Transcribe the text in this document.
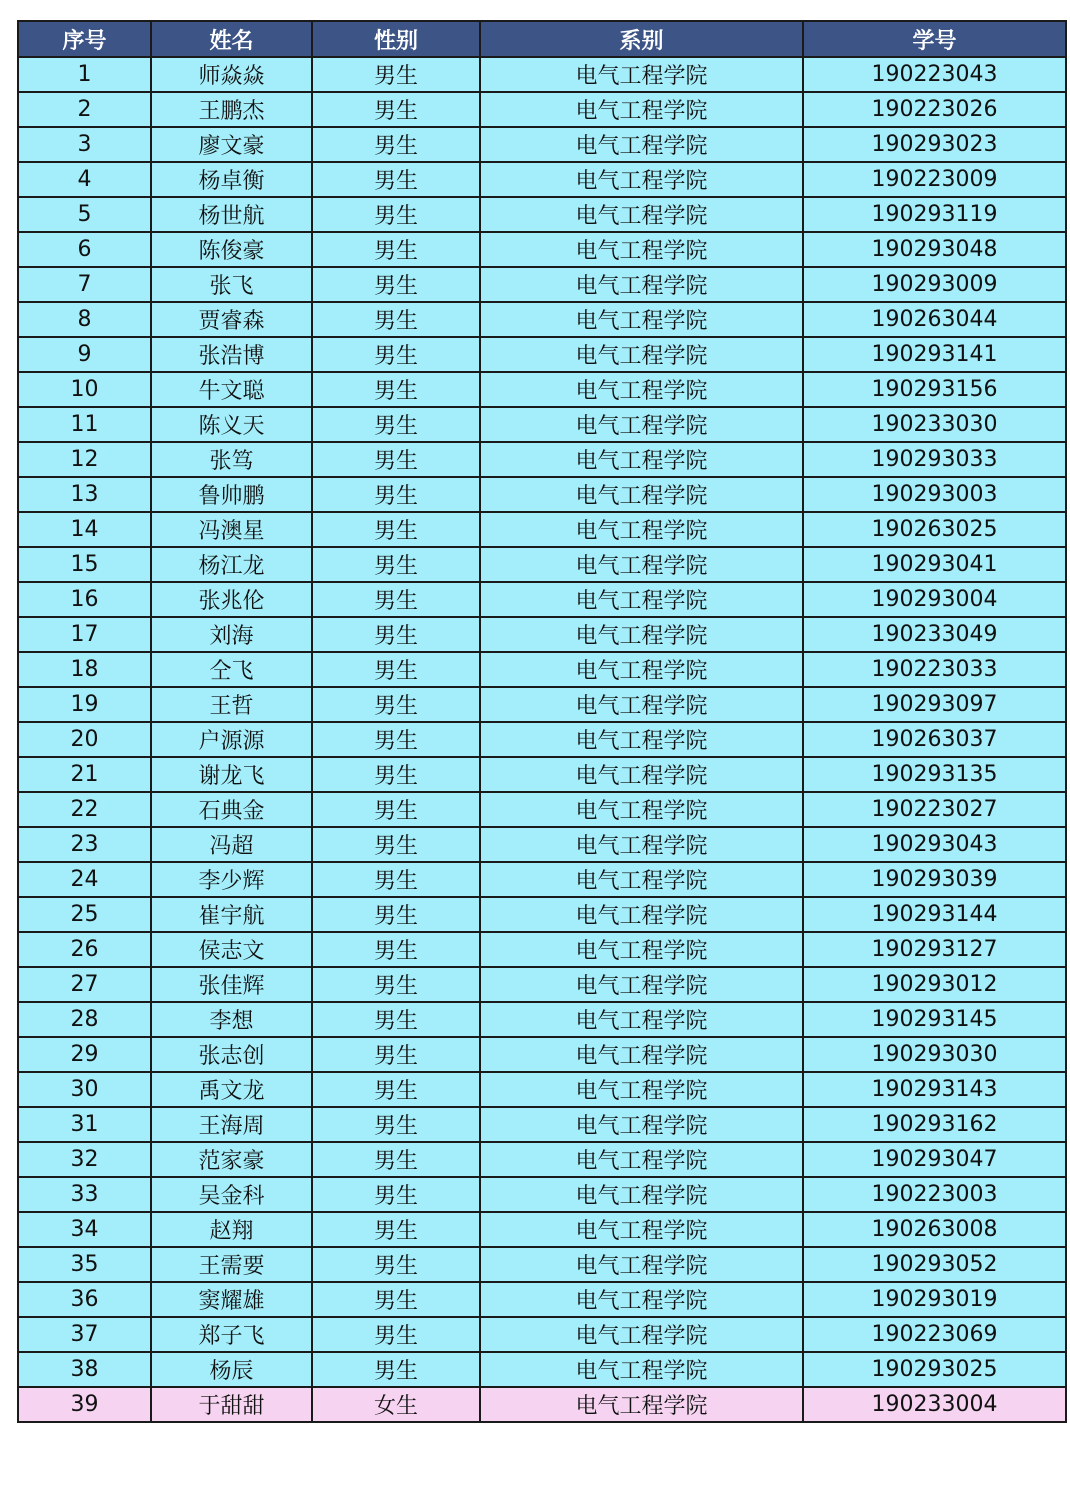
序号	姓名	性别	系别	学号
1	师焱焱	男生	电气工程学院	190223043
2	王鹏杰	男生	电气工程学院	190223026
3	廖文豪	男生	电气工程学院	190293023
4	杨卓衡	男生	电气工程学院	190223009
5	杨世航	男生	电气工程学院	190293119
6	陈俊豪	男生	电气工程学院	190293048
7	张飞	男生	电气工程学院	190293009
8	贾睿森	男生	电气工程学院	190263044
9	张浩博	男生	电气工程学院	190293141
10	牛文聪	男生	电气工程学院	190293156
11	陈义天	男生	电气工程学院	190233030
12	张笃	男生	电气工程学院	190293033
13	鲁帅鹏	男生	电气工程学院	190293003
14	冯澳星	男生	电气工程学院	190263025
15	杨江龙	男生	电气工程学院	190293041
16	张兆伦	男生	电气工程学院	190293004
17	刘海	男生	电气工程学院	190233049
18	仝飞	男生	电气工程学院	190223033
19	王哲	男生	电气工程学院	190293097
20	户源源	男生	电气工程学院	190263037
21	谢龙飞	男生	电气工程学院	190293135
22	石典金	男生	电气工程学院	190223027
23	冯超	男生	电气工程学院	190293043
24	李少辉	男生	电气工程学院	190293039
25	崔宇航	男生	电气工程学院	190293144
26	侯志文	男生	电气工程学院	190293127
27	张佳辉	男生	电气工程学院	190293012
28	李想	男生	电气工程学院	190293145
29	张志创	男生	电气工程学院	190293030
30	禹文龙	男生	电气工程学院	190293143
31	王海周	男生	电气工程学院	190293162
32	范家豪	男生	电气工程学院	190293047
33	吴金科	男生	电气工程学院	190223003
34	赵翔	男生	电气工程学院	190263008
35	王需要	男生	电气工程学院	190293052
36	窦耀雄	男生	电气工程学院	190293019
37	郑子飞	男生	电气工程学院	190223069
38	杨辰	男生	电气工程学院	190293025
39	于甜甜	女生	电气工程学院	190233004
